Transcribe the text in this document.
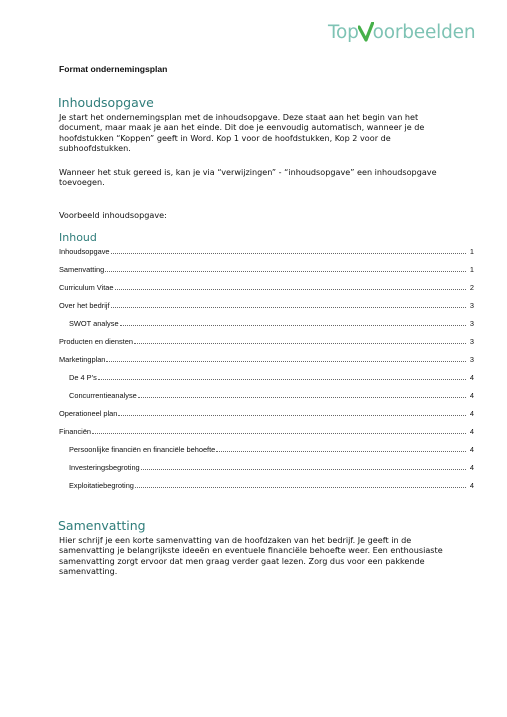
Top oorbeelden
Format ondernemingsplan
Inhoudsopgave
Je start het ondernemingsplan met de inhoudsopgave. Deze staat aan het begin van het
document, maar maak je aan het einde. Dit doe je eenvoudig automatisch, wanneer je de
hoofdstukken “Koppen” geeft in Word. Kop 1 voor de hoofdstukken, Kop 2 voor de
subhoofdstukken.
Wanneer het stuk gereed is, kan je via “verwijzingen” - “inhoudsopgave” een inhoudsopgave
toevoegen.
Voorbeeld inhoudsopgave:
Inhoud
Inhoudsopgave	1
Samenvatting	1
Curriculum Vitae	2
Over het bedrijf	3
SWOT analyse	3
Producten en diensten	3
Marketingplan	3
De 4 P’s	4
Concurrentieanalyse	4
Operationeel plan	4
Financiën	4
Persoonlijke financiën en financiële behoefte	4
Investeringsbegroting	4
Exploitatiebegroting	4
Samenvatting
Hier schrijf je een korte samenvatting van de hoofdzaken van het bedrijf. Je geeft in de
samenvatting je belangrijkste ideeën en eventuele financiële behoefte weer. Een enthousiaste
samenvatting zorgt ervoor dat men graag verder gaat lezen. Zorg dus voor een pakkende
samenvatting.
